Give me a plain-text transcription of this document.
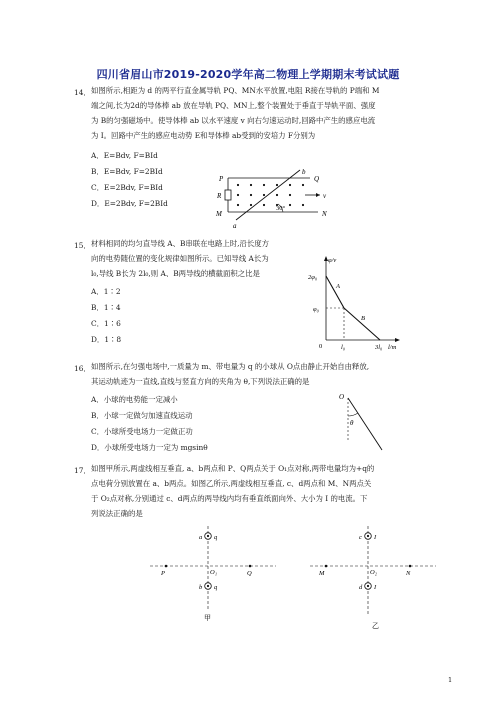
四川省眉山市2019-2020学年高二物理上学期期末考试试题
14． 如图所示,相距为 d 的两平行直金属导轨 PQ、MN水平放置,电阻 R接在导轨的 P端和 M
端之间,长为2d的导体棒 ab 放在导轨 PQ、MN上,整个装置处于垂直于导轨平面、强度
为 B的匀强磁场中。使导体棒 ab 以水平速度 v 向右匀速运动时,回路中产生的感应电流
为 I。回路中产生的感应电动势 E和导体棒 ab受到的安培力 F分别为
A．E=Bdv, F=BId
B．E=Bdv, F=2BId
C．E=2Bdv, F=BId
D．E=2Bdv, F=2BId
P	Q
R
M	N
a
b
v
30°
15． 材料相同的均匀直导线 A、B串联在电路上时,沿长度方
向的电势随位置的变化规律如图所示。已知导线 A长为
l₀,导线 B长为 2l₀,则 A、B两导线的横截面积之比是
A．1∶2
B．1∶4
C．1∶6
D．1∶8
φ/v
2φ₀
φ₀
0	l₀	3l₀ l/m
A
B
16． 如图所示,在匀强电场中,一质量为 m、带电量为 q 的小球从 O点由静止开始自由释放,
其运动轨迹为一直线,直线与竖直方向的夹角为 θ,下列说法正确的是
A．小球的电势能一定减小
B．小球一定做匀加速直线运动
C．小球所受电场力一定做正功
D．小球所受电场力一定为 mgsinθ
O
θ
17． 如图甲所示,两虚线相互垂直, a、b两点和 P、Q两点关于 O₁点对称,两带电量均为+q的
点电荷分别放置在 a、b两点。如图乙所示,两虚线相互垂直, c、d两点和 M、N两点关
于 O₂点对称,分别通过 c、d两点的两导线内均有垂直纸面向外、大小为 I 的电流。下
列说法正确的是
a q
P	O₁	Q
b q
甲
c I
M	O₂	N
d I
乙
1
